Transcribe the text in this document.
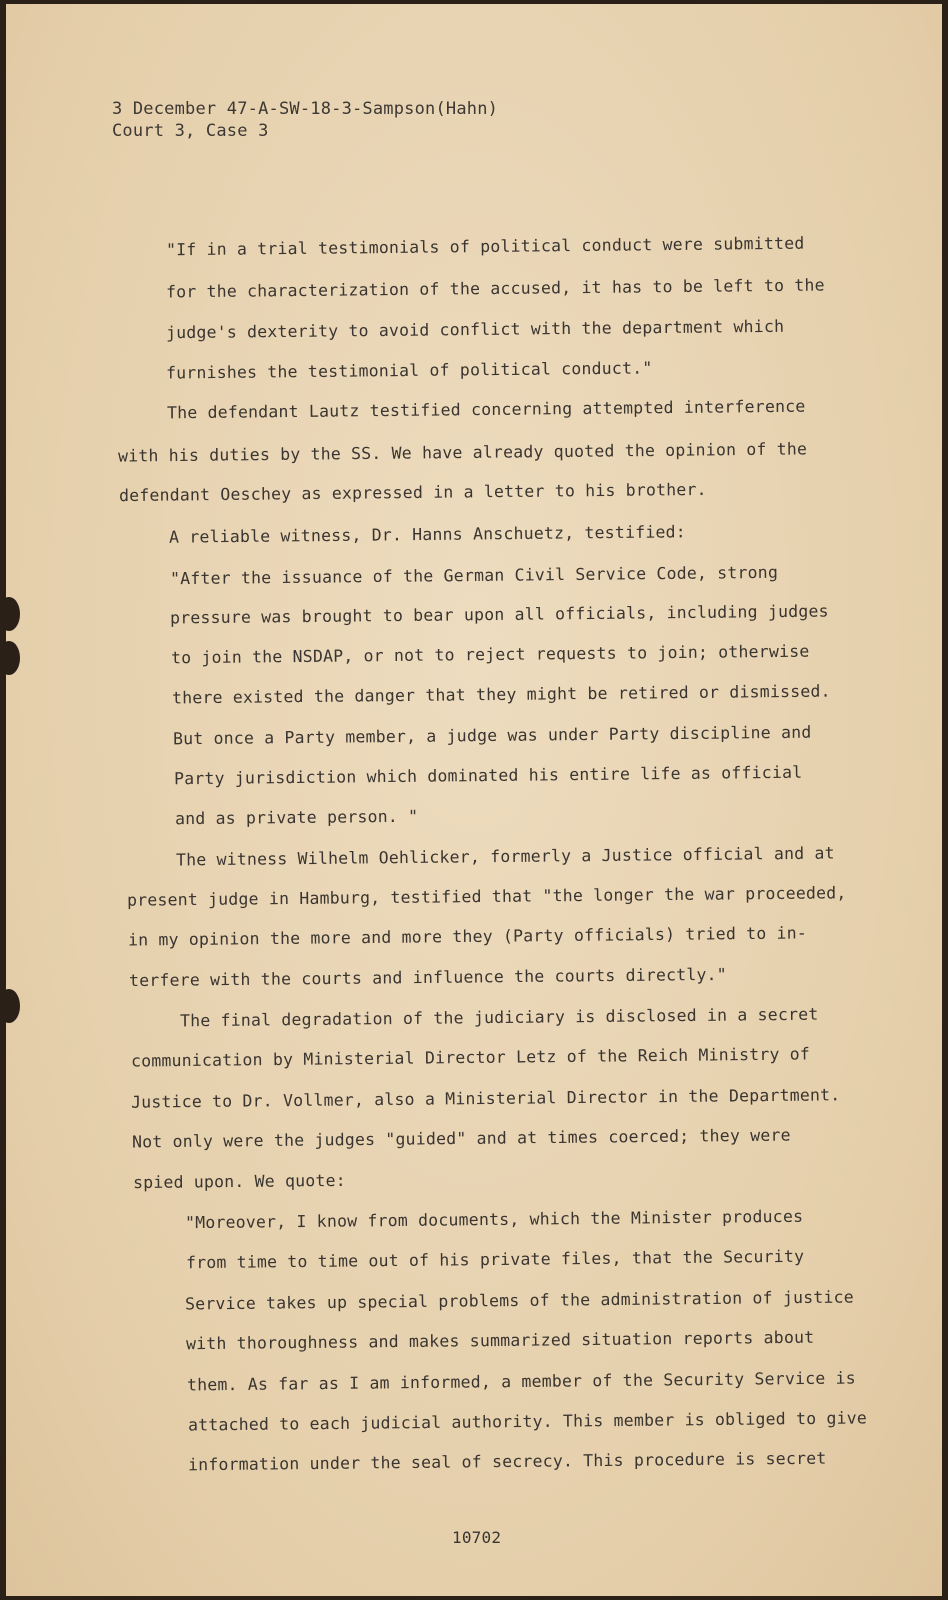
3 December 47-A-SW-18-3-Sampson(Hahn)
Court 3, Case 3
"If in a trial testimonials of political conduct were submitted
for the characterization of the accused, it has to be left to the
judge's dexterity to avoid conflict with the department which
furnishes the testimonial of political conduct."
The defendant Lautz testified concerning attempted interference
with his duties by the SS. We have already quoted the opinion of the
defendant Oeschey as expressed in a letter to his brother.
A reliable witness, Dr. Hanns Anschuetz, testified:
"After the issuance of the German Civil Service Code, strong
pressure was brought to bear upon all officials, including judges
to join the NSDAP, or not to reject requests to join; otherwise
there existed the danger that they might be retired or dismissed.
But once a Party member, a judge was under Party discipline and
Party jurisdiction which dominated his entire life as official
and as private person. "
The witness Wilhelm Oehlicker, formerly a Justice official and at
present judge in Hamburg, testified that "the longer the war proceeded,
in my opinion the more and more they (Party officials) tried to in-
terfere with the courts and influence the courts directly."
The final degradation of the judiciary is disclosed in a secret
communication by Ministerial Director Letz of the Reich Ministry of
Justice to Dr. Vollmer, also a Ministerial Director in the Department.
Not only were the judges "guided" and at times coerced; they were
spied upon. We quote:
"Moreover, I know from documents, which the Minister produces
from time to time out of his private files, that the Security
Service takes up special problems of the administration of justice
with thoroughness and makes summarized situation reports about
them. As far as I am informed, a member of the Security Service is
attached to each judicial authority. This member is obliged to give
information under the seal of secrecy. This procedure is secret
10702
